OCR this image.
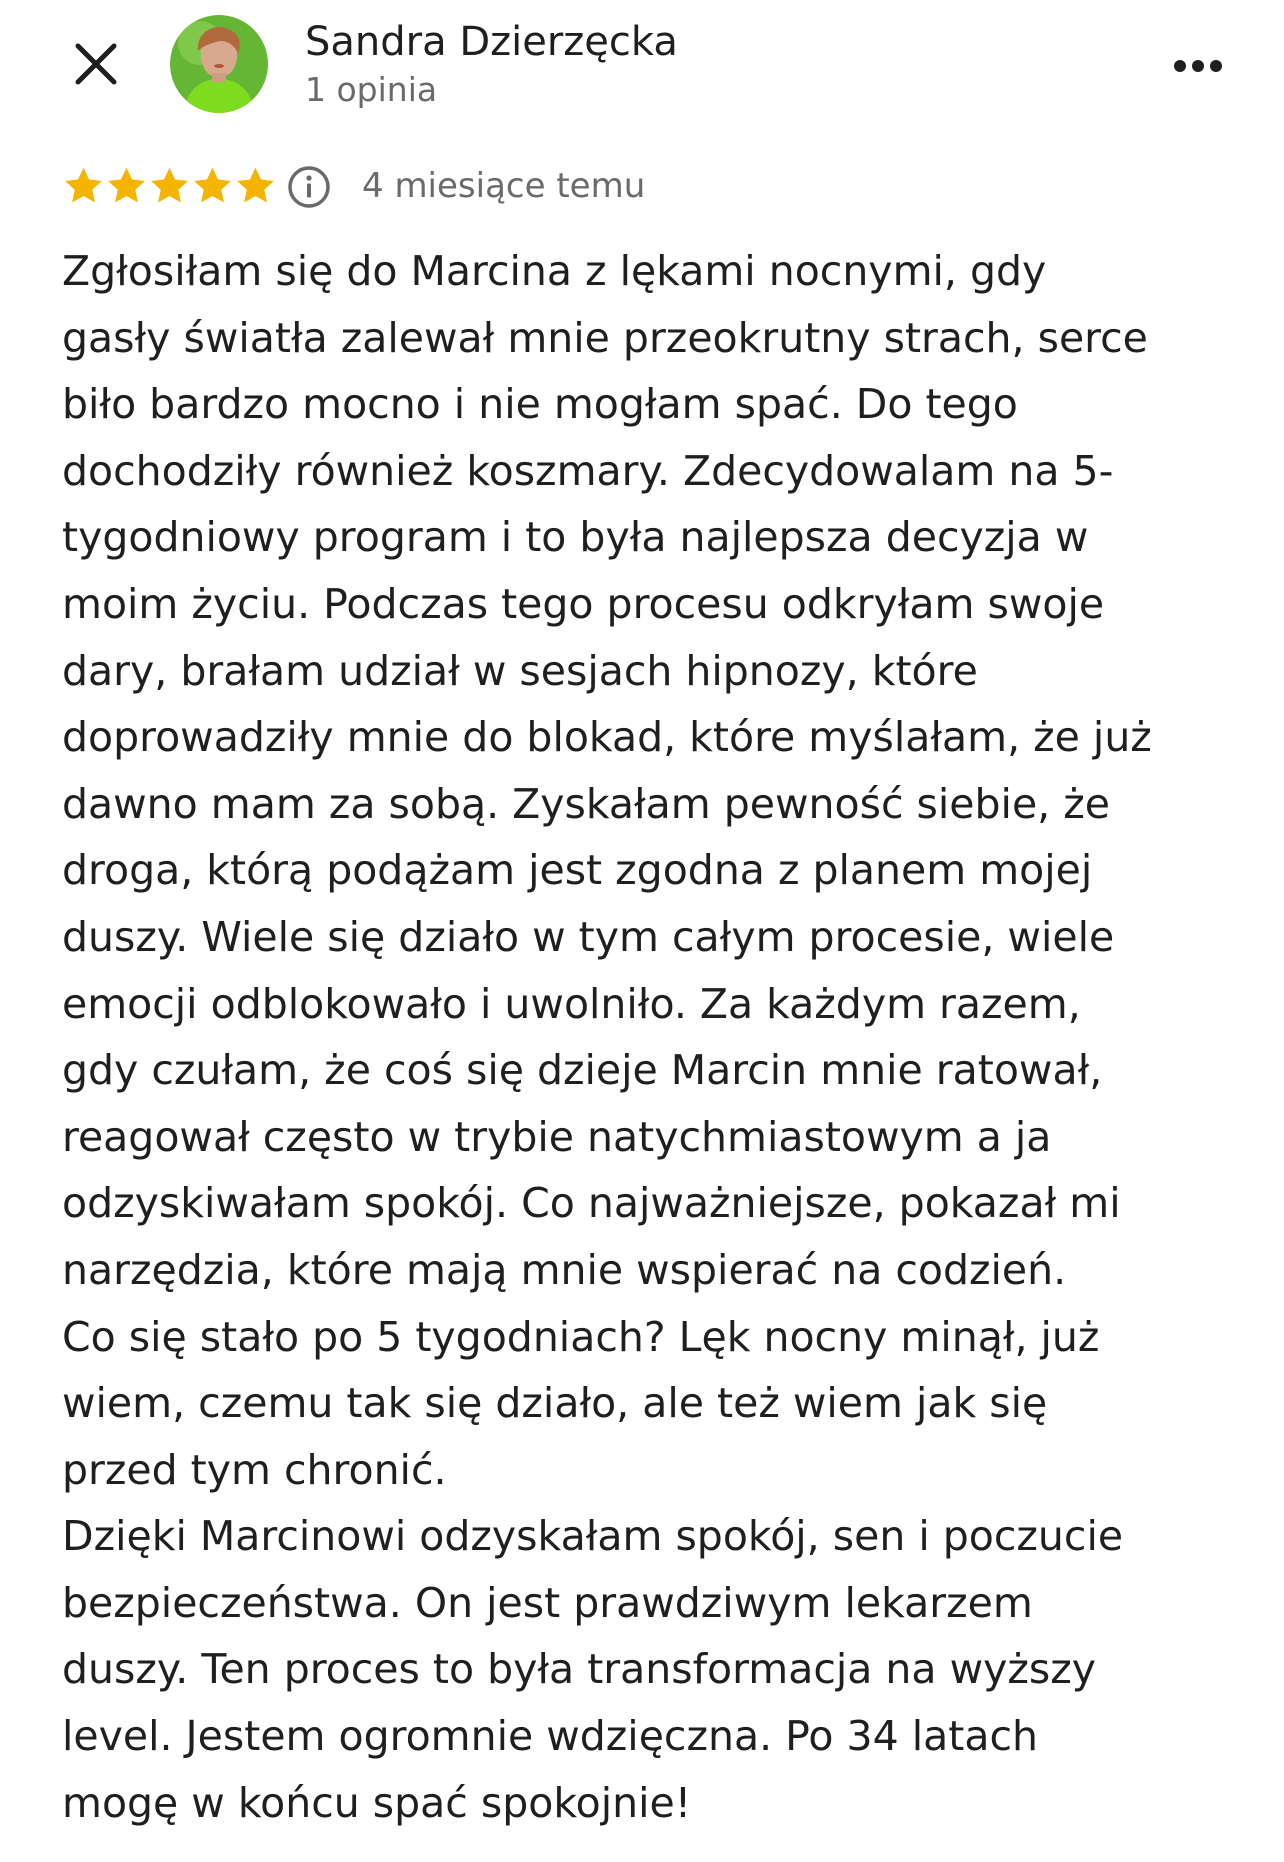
Sandra Dzierzęcka
1 opinia
4 miesiące temu
Zgłosiłam się do Marcina z lękami nocnymi, gdy
gasły światła zalewał mnie przeokrutny strach, serce
biło bardzo mocno i nie mogłam spać. Do tego
dochodziły również koszmary. Zdecydowalam na 5-
tygodniowy program i to była najlepsza decyzja w
moim życiu. Podczas tego procesu odkryłam swoje
dary, brałam udział w sesjach hipnozy, które
doprowadziły mnie do blokad, które myślałam, że już
dawno mam za sobą. Zyskałam pewność siebie, że
droga, którą podążam jest zgodna z planem mojej
duszy. Wiele się działo w tym całym procesie, wiele
emocji odblokowało i uwolniło. Za każdym razem,
gdy czułam, że coś się dzieje Marcin mnie ratował,
reagował często w trybie natychmiastowym a ja
odzyskiwałam spokój. Co najważniejsze, pokazał mi
narzędzia, które mają mnie wspierać na codzień.
Co się stało po 5 tygodniach? Lęk nocny minął, już
wiem, czemu tak się działo, ale też wiem jak się
przed tym chronić.
Dzięki Marcinowi odzyskałam spokój, sen i poczucie
bezpieczeństwa. On jest prawdziwym lekarzem
duszy. Ten proces to była transformacja na wyższy
level. Jestem ogromnie wdzięczna. Po 34 latach
mogę w końcu spać spokojnie!
